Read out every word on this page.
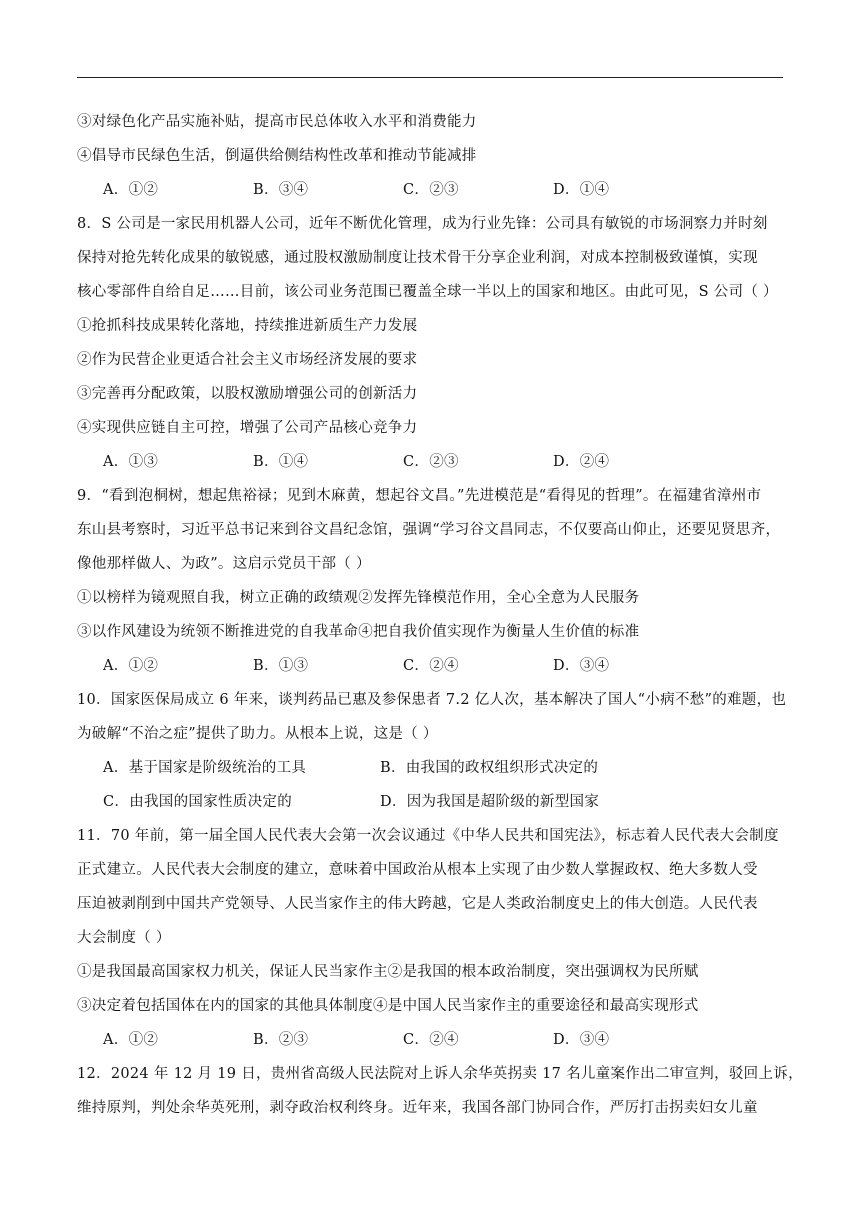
③对绿色化产品实施补贴，提高市民总体收入水平和消费能力
④倡导市民绿色生活，倒逼供给侧结构性改革和推动节能减排
A．①②	B．③④	C．②③	D．①④
8．S 公司是一家民用机器人公司，近年不断优化管理，成为行业先锋：公司具有敏锐的市场洞察力并时刻
保持对抢先转化成果的敏锐感，通过股权激励制度让技术骨干分享企业利润，对成本控制极致谨慎，实现
核心零部件自给自足……目前，该公司业务范围已覆盖全球一半以上的国家和地区。由此可见，S 公司（ ）
①抢抓科技成果转化落地，持续推进新质生产力发展
②作为民营企业更适合社会主义市场经济发展的要求
③完善再分配政策，以股权激励增强公司的创新活力
④实现供应链自主可控，增强了公司产品核心竞争力
A．①③	B．①④	C．②③	D．②④
9．“看到泡桐树，想起焦裕禄；见到木麻黄，想起谷文昌。”先进模范是“看得见的哲理”。在福建省漳州市
东山县考察时，习近平总书记来到谷文昌纪念馆，强调“学习谷文昌同志，不仅要高山仰止，还要见贤思齐，
像他那样做人、为政”。这启示党员干部（ ）
①以榜样为镜观照自我，树立正确的政绩观②发挥先锋模范作用，全心全意为人民服务
③以作风建设为统领不断推进党的自我革命④把自我价值实现作为衡量人生价值的标准
A．①②	B．①③	C．②④	D．③④
10．国家医保局成立 6 年来，谈判药品已惠及参保患者 7.2 亿人次，基本解决了国人“小病不愁”的难题，也
为破解“不治之症”提供了助力。从根本上说，这是（ ）
A．基于国家是阶级统治的工具	B．由我国的政权组织形式决定的
C．由我国的国家性质决定的	D．因为我国是超阶级的新型国家
11．70 年前，第一届全国人民代表大会第一次会议通过《中华人民共和国宪法》，标志着人民代表大会制度
正式建立。人民代表大会制度的建立，意味着中国政治从根本上实现了由少数人掌握政权、绝大多数人受
压迫被剥削到中国共产党领导、人民当家作主的伟大跨越，它是人类政治制度史上的伟大创造。人民代表
大会制度（ ）
①是我国最高国家权力机关，保证人民当家作主②是我国的根本政治制度，突出强调权为民所赋
③决定着包括国体在内的国家的其他具体制度④是中国人民当家作主的重要途径和最高实现形式
A．①②	B．②③	C．②④	D．③④
12．2024 年 12 月 19 日，贵州省高级人民法院对上诉人余华英拐卖 17 名儿童案作出二审宣判，驳回上诉，
维持原判，判处余华英死刑，剥夺政治权利终身。近年来，我国各部门协同合作，严厉打击拐卖妇女儿童
